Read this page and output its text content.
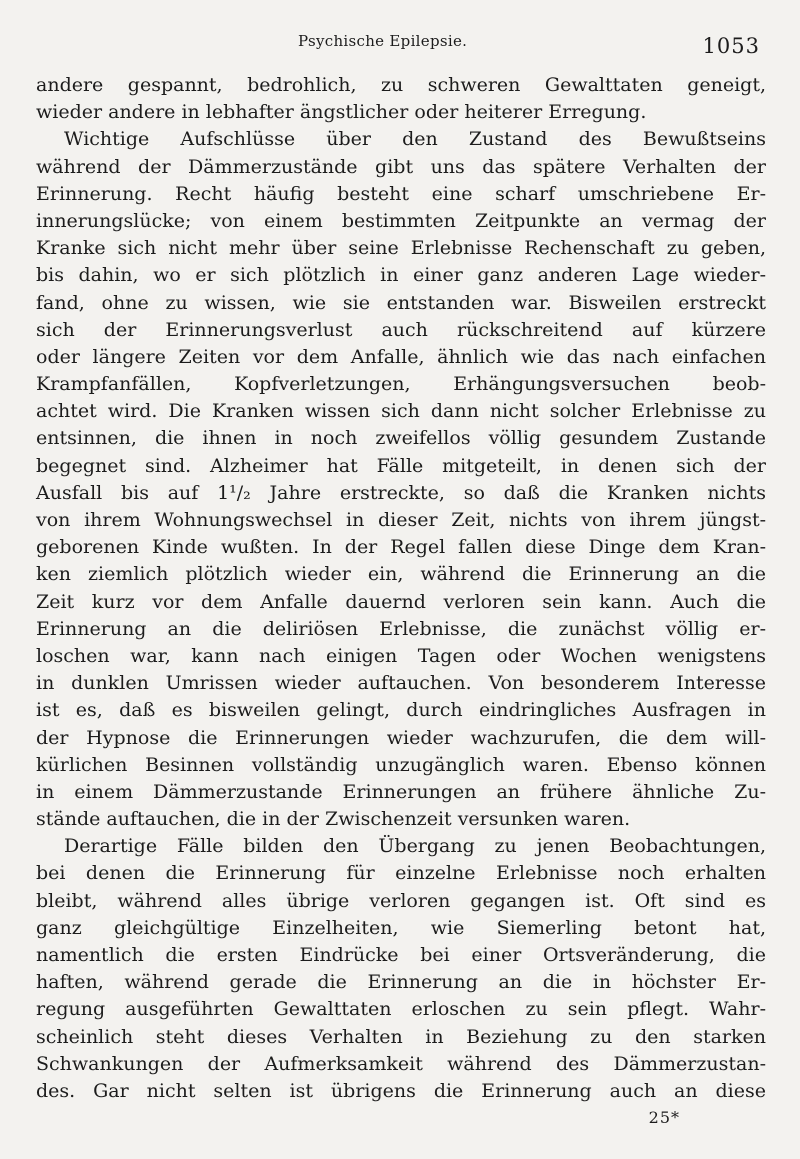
Psychische Epilepsie.	1053
andere gespannt, bedrohlich, zu schweren Gewalttaten geneigt,
wieder andere in lebhafter ängstlicher oder heiterer Erregung.
Wichtige Aufschlüsse über den Zustand des Bewußtseins
während der Dämmerzustände gibt uns das spätere Verhalten der
Erinnerung. Recht häufig besteht eine scharf umschriebene Er-
innerungslücke; von einem bestimmten Zeitpunkte an vermag der
Kranke sich nicht mehr über seine Erlebnisse Rechenschaft zu geben,
bis dahin, wo er sich plötzlich in einer ganz anderen Lage wieder-
fand, ohne zu wissen, wie sie entstanden war. Bisweilen erstreckt
sich der Erinnerungsverlust auch rückschreitend auf kürzere
oder längere Zeiten vor dem Anfalle, ähnlich wie das nach einfachen
Krampfanfällen, Kopfverletzungen, Erhängungsversuchen beob-
achtet wird. Die Kranken wissen sich dann nicht solcher Erlebnisse zu
entsinnen, die ihnen in noch zweifellos völlig gesundem Zustande
begegnet sind. Alzheimer hat Fälle mitgeteilt, in denen sich der
Ausfall bis auf 1¹/₂ Jahre erstreckte, so daß die Kranken nichts
von ihrem Wohnungswechsel in dieser Zeit, nichts von ihrem jüngst-
geborenen Kinde wußten. In der Regel fallen diese Dinge dem Kran-
ken ziemlich plötzlich wieder ein, während die Erinnerung an die
Zeit kurz vor dem Anfalle dauernd verloren sein kann. Auch die
Erinnerung an die deliriösen Erlebnisse, die zunächst völlig er-
loschen war, kann nach einigen Tagen oder Wochen wenigstens
in dunklen Umrissen wieder auftauchen. Von besonderem Interesse
ist es, daß es bisweilen gelingt, durch eindringliches Ausfragen in
der Hypnose die Erinnerungen wieder wachzurufen, die dem will-
kürlichen Besinnen vollständig unzugänglich waren. Ebenso können
in einem Dämmerzustande Erinnerungen an frühere ähnliche Zu-
stände auftauchen, die in der Zwischenzeit versunken waren.
Derartige Fälle bilden den Übergang zu jenen Beobachtungen,
bei denen die Erinnerung für einzelne Erlebnisse noch erhalten
bleibt, während alles übrige verloren gegangen ist. Oft sind es
ganz gleichgültige Einzelheiten, wie Siemerling betont hat,
namentlich die ersten Eindrücke bei einer Ortsveränderung, die
haften, während gerade die Erinnerung an die in höchster Er-
regung ausgeführten Gewalttaten erloschen zu sein pflegt. Wahr-
scheinlich steht dieses Verhalten in Beziehung zu den starken
Schwankungen der Aufmerksamkeit während des Dämmerzustan-
des. Gar nicht selten ist übrigens die Erinnerung auch an diese
25*
